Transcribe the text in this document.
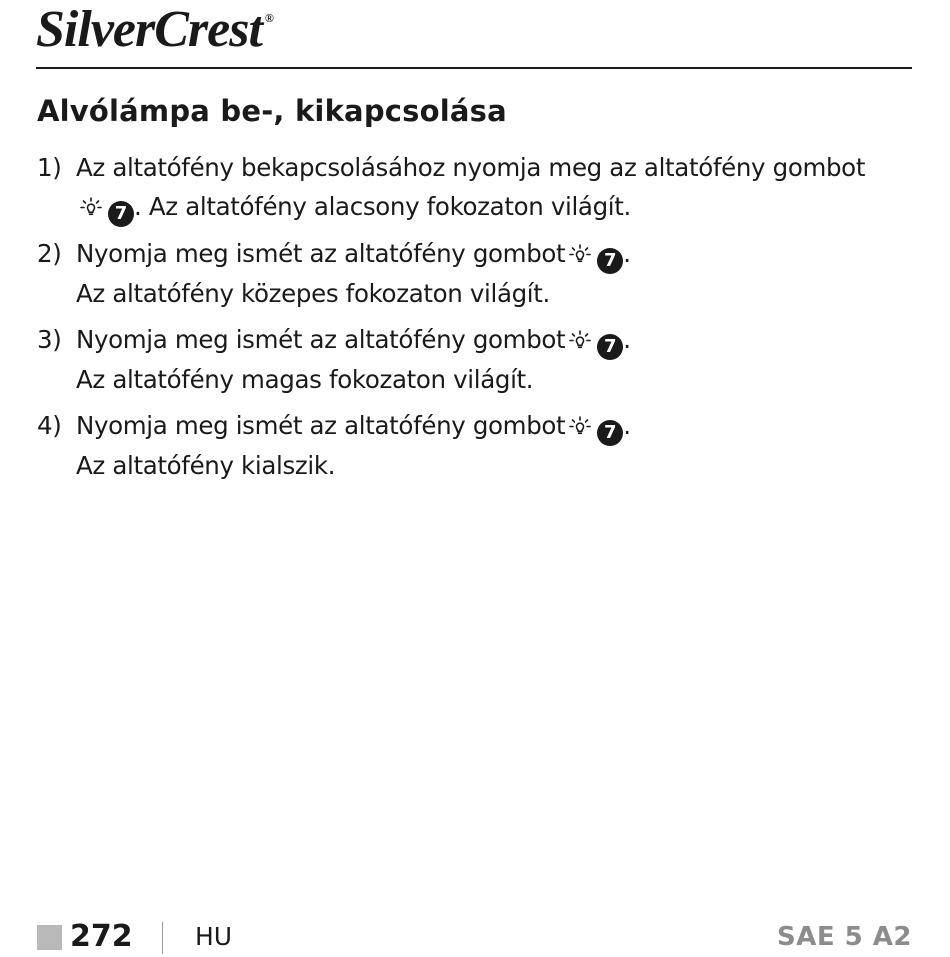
SilverCrest ®
Alvólámpa be-, kikapcsolása
1) Az altatófény bekapcsolásához nyomja meg az altatófény gombot
7 . Az altatófény alacsony fokozaton világít.
2) Nyomja meg ismét az altatófény gombot 7 .
Az altatófény közepes fokozaton világít.
3) Nyomja meg ismét az altatófény gombot 7 .
Az altatófény magas fokozaton világít.
4) Nyomja meg ismét az altatófény gombot 7 .
Az altatófény kialszik.
272 HU	SAE 5 A2
